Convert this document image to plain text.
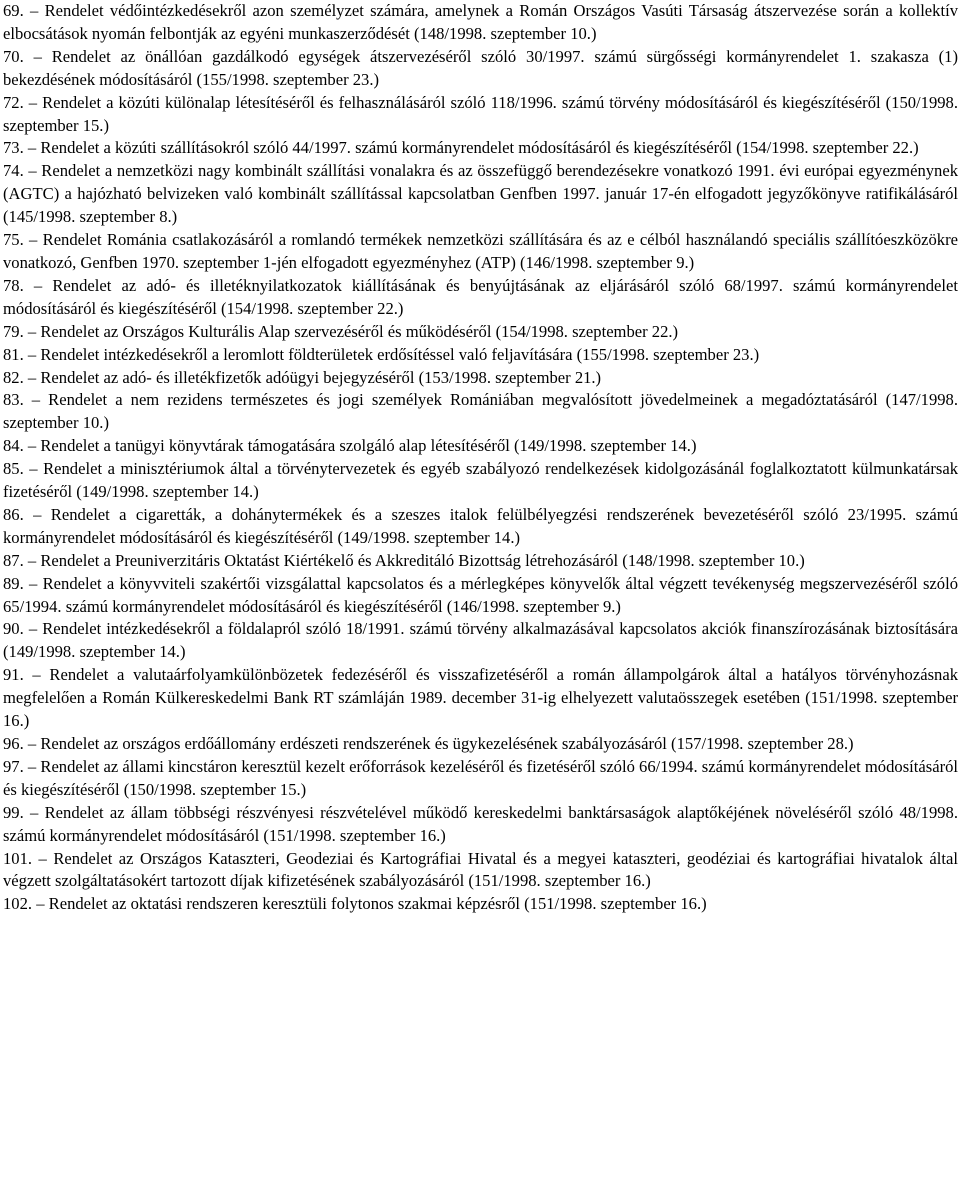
69. – Rendelet védőintézkedésekről azon személyzet számára, amelynek a Román Országos Vasúti Társaság átszervezése során a kollektív elbocsátások nyomán felbontják az egyéni munkaszerződését (148/1998. szeptember 10.)

70. – Rendelet az önállóan gazdálkodó egységek átszervezéséről szóló 30/1997. számú sürgősségi kormányrendelet 1. szakasza (1) bekezdésének módosításáról (155/1998. szeptember 23.)

72. – Rendelet a közúti különalap létesítéséről és felhasználásáról szóló 118/1996. számú törvény módosításáról és kiegészítéséről (150/1998. szeptember 15.)

73. – Rendelet a közúti szállításokról szóló 44/1997. számú kormányrendelet módosításáról és kiegészítéséről (154/1998. szeptember 22.)

74. – Rendelet a nemzetközi nagy kombinált szállítási vonalakra és az összefüggő berendezésekre vonatkozó 1991. évi európai egyezménynek (AGTC) a hajózható belvizeken való kombinált szállítással kapcsolatban Genfben 1997. január 17-én elfogadott jegyzőkönyve ratifikálásáról (145/1998. szeptember 8.)

75. – Rendelet Románia csatlakozásáról a romlandó termékek nemzetközi szállítására és az e célból használandó speciális szállítóeszközökre vonatkozó, Genfben 1970. szeptember 1-jén elfogadott egyezményhez (ATP) (146/1998. szeptember 9.)

78. – Rendelet az adó- és illetéknyilatkozatok kiállításának és benyújtásának az eljárásáról szóló 68/1997. számú kormányrendelet módosításáról és kiegészítéséről (154/1998. szeptember 22.)

79. – Rendelet az Országos Kulturális Alap szervezéséről és működéséről (154/1998. szeptember 22.)

81. – Rendelet intézkedésekről a leromlott földterületek erdősítéssel való feljavítására (155/1998. szeptember 23.)

82. – Rendelet az adó- és illetékfizetők adóügyi bejegyzéséről (153/1998. szeptember 21.)

83. – Rendelet a nem rezidens természetes és jogi személyek Romániában megvalósított jövedelmeinek a megadóztatásáról (147/1998. szeptember 10.)

84. – Rendelet a tanügyi könyvtárak támogatására szolgáló alap létesítéséről (149/1998. szeptember 14.)

85. – Rendelet a minisztériumok által a törvénytervezetek és egyéb szabályozó rendelkezések kidolgozásánál foglalkoztatott külmunkatársak fizetéséről (149/1998. szeptember 14.)

86. – Rendelet a cigaretták, a dohánytermékek és a szeszes italok felülbélyegzési rendszerének bevezetéséről szóló 23/1995. számú kormányrendelet módosításáról és kiegészítéséről (149/1998. szeptember 14.)

87. – Rendelet a Preuniverzitáris Oktatást Kiértékelő és Akkreditáló Bizottság létrehozásáról (148/1998. szeptember 10.)

89. – Rendelet a könyvviteli szakértői vizsgálattal kapcsolatos és a mérlegképes könyvelők által végzett tevékenység megszervezéséről szóló 65/1994. számú kormányrendelet módosításáról és kiegészítéséről (146/1998. szeptember 9.)

90. – Rendelet intézkedésekről a földalapról szóló 18/1991. számú törvény alkalmazásával kapcsolatos akciók finanszírozásának biztosítására (149/1998. szeptember 14.)

91. – Rendelet a valutaárfolyamkülönbözetek fedezéséről és visszafizetéséről a román állampolgárok által a hatályos törvényhozásnak megfelelően a Román Külkereskedelmi Bank RT számláján 1989. december 31-ig elhelyezett valutaösszegek esetében (151/1998. szeptember 16.)

96. – Rendelet az országos erdőállomány erdészeti rendszerének és ügykezelésének szabályozásáról (157/1998. szeptember 28.)

97. – Rendelet az állami kincstáron keresztül kezelt erőforrások kezeléséről és fizetéséről szóló 66/1994. számú kormányrendelet módosításáról és kiegészítéséről (150/1998. szeptember 15.)

99. – Rendelet az állam többségi részvényesi részvételével működő kereskedelmi banktársaságok alaptőkéjének növeléséről szóló 48/1998. számú kormányrendelet módosításáról (151/1998. szeptember 16.)

101. – Rendelet az Országos Kataszteri, Geodeziai és Kartográfiai Hivatal és a megyei kataszteri, geodéziai és kartográfiai hivatalok által végzett szolgáltatásokért tartozott díjak kifizetésének szabályozásáról (151/1998. szeptember 16.)

102. – Rendelet az oktatási rendszeren keresztüli folytonos szakmai képzésről (151/1998. szeptember 16.)
